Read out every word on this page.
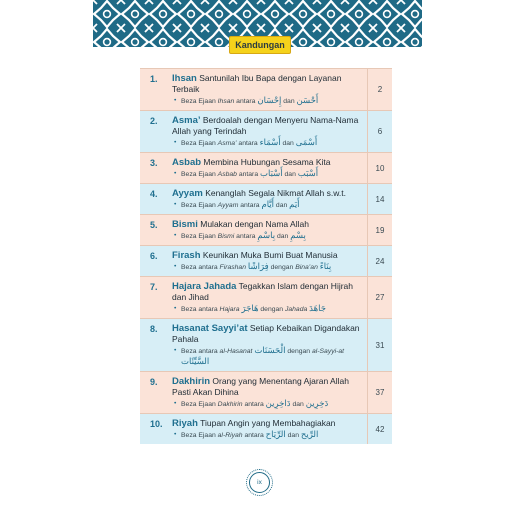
Kandungan
1. Ihsan Santunilah Ibu Bapa dengan Layanan Terbaik
• Beza Ejaan Ihsan antara إِحْسَان dan أَحْسَن
2
2. Asma’ Berdoalah dengan Menyeru Nama-Nama Allah yang Terindah
• Beza Ejaan Asma’ antara أَسْمَاء dan أَسْمَى
6
3. Asbab Membina Hubungan Sesama Kita
• Beza Ejaan Asbab antara أَسْبَاب dan أَسْبَب
10
4. Ayyam Kenanglah Segala Nikmat Allah s.w.t.
• Beza Ejaan Ayyam antara أَيَّام dan أَيَم
14
5. Bismi Mulakan dengan Nama Allah
• Beza Ejaan Bismi antara بِاسْمِ dan بِسْمِ
19
6. Firash Keunikan Muka Bumi Buat Manusia
• Beza antara Firashan فِرَاشًا dengan Bina’an بِنَاءً
24
7. Hajara Jahada Tegakkan Islam dengan Hijrah dan Jihad
• Beza antara Hajara هَاجَرَ dengan Jahada جَاهَدَ
27
8. Hasanat Sayyi’at Setiap Kebaikan Digandakan Pahala
• Beza antara al-Hasanat الْحَسَنَات dengan al-Sayyi-at السَّيِّئَات
31
9. Dakhirin Orang yang Menentang Ajaran Allah Pasti Akan Dihina
• Beza Ejaan Dakhirin antara دَاخِرِين dan دَخِرِين
37
10. Riyah Tiupan Angin yang Membahagiakan
• Beza Ejaan al-Riyah antara الرِّيَاح dan الرِّيح
42
ix
